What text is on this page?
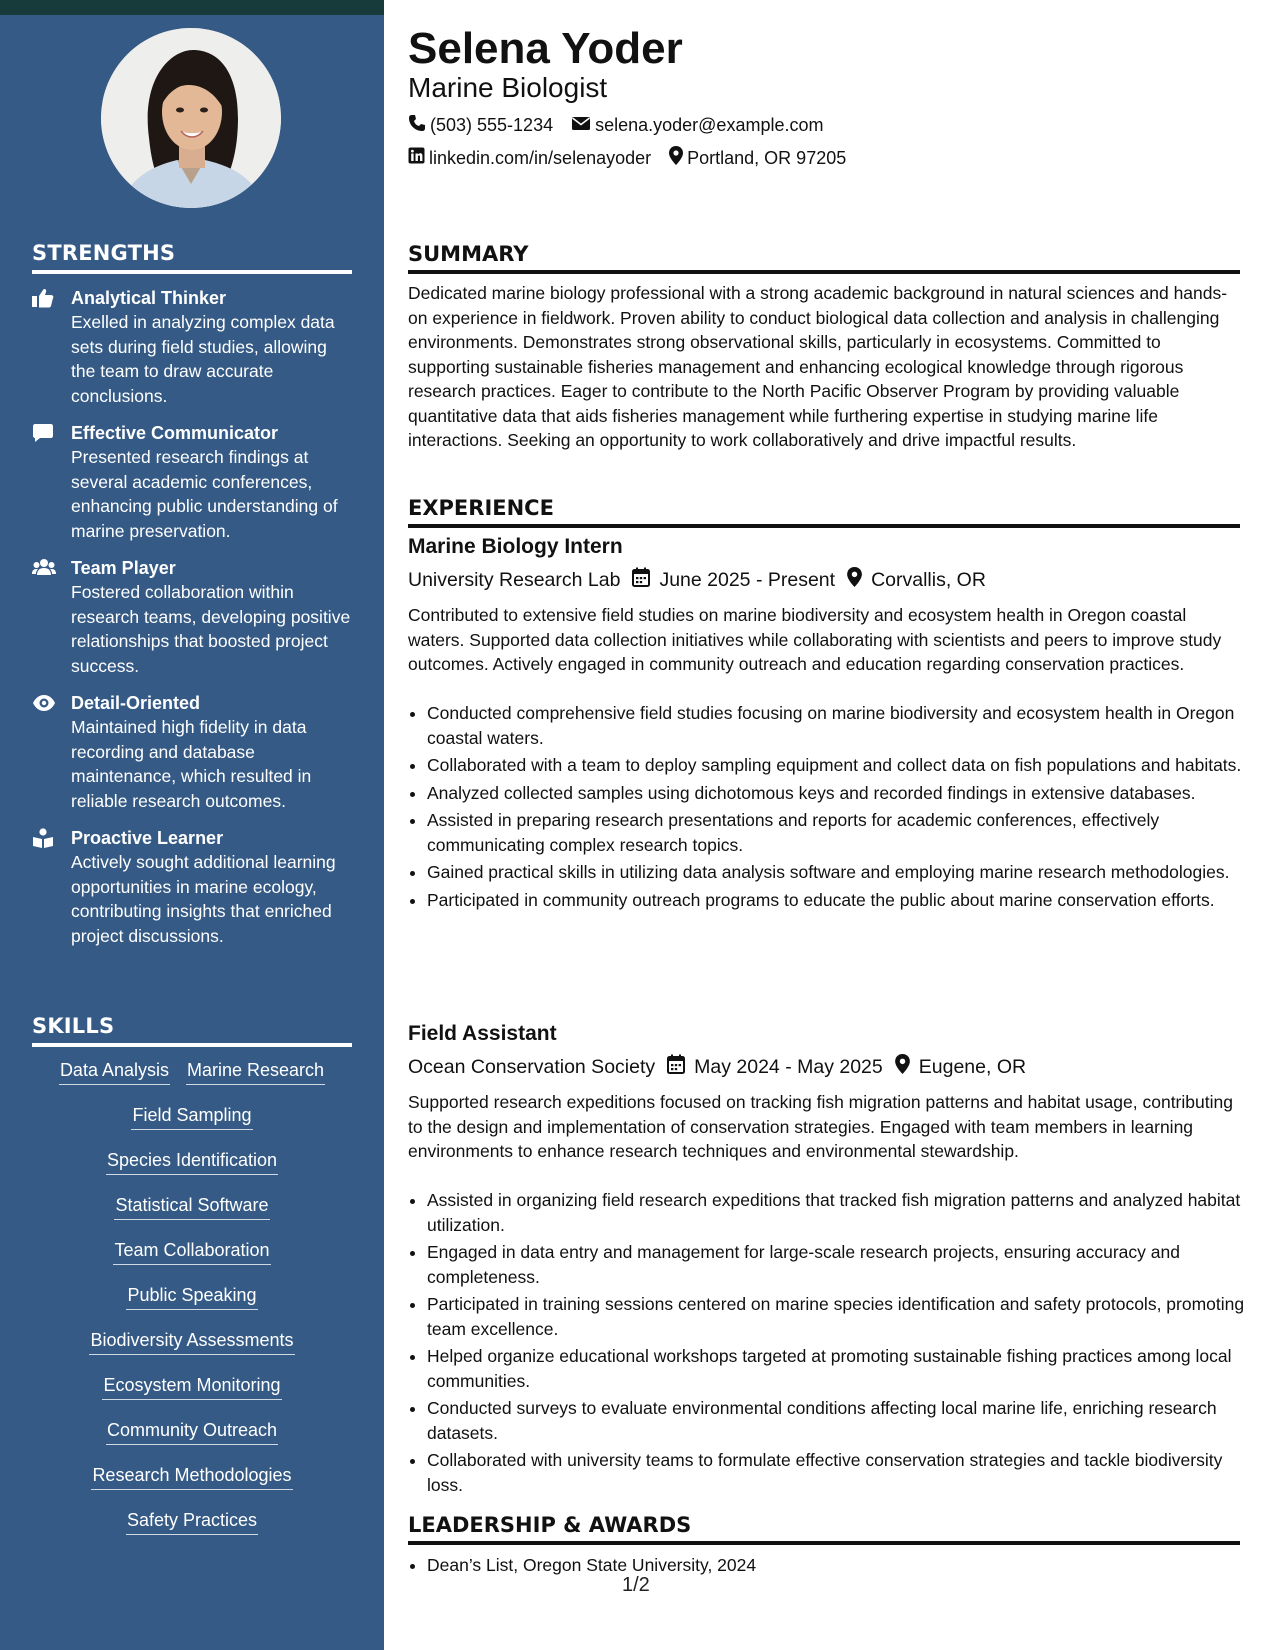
STRENGTHS
Analytical Thinker
Exelled in analyzing complex data sets during field studies, allowing the team to draw accurate conclusions.
Effective Communicator
Presented research findings at several academic conferences, enhancing public understanding of marine preservation.
Team Player
Fostered collaboration within research teams, developing positive relationships that boosted project success.
Detail-Oriented
Maintained high fidelity in data recording and database maintenance, which resulted in reliable research outcomes.
Proactive Learner
Actively sought additional learning opportunities in marine ecology, contributing insights that enriched project discussions.
SKILLS
Data Analysis Marine Research
Field Sampling
Species Identification
Statistical Software
Team Collaboration
Public Speaking
Biodiversity Assessments
Ecosystem Monitoring
Community Outreach
Research Methodologies
Safety Practices
Selena Yoder
Marine Biologist
(503) 555-1234 selena.yoder@example.com
linkedin.com/in/selenayoder Portland, OR 97205
SUMMARY
Dedicated marine biology professional with a strong academic background in natural sciences and hands-on experience in fieldwork. Proven ability to conduct biological data collection and analysis in challenging environments. Demonstrates strong observational skills, particularly in ecosystems. Committed to supporting sustainable fisheries management and enhancing ecological knowledge through rigorous research practices. Eager to contribute to the North Pacific Observer Program by providing valuable quantitative data that aids fisheries management while furthering expertise in studying marine life interactions. Seeking an opportunity to work collaboratively and drive impactful results.
EXPERIENCE
Marine Biology Intern
University Research Lab June 2025 - Present Corvallis, OR
Contributed to extensive field studies on marine biodiversity and ecosystem health in Oregon coastal waters. Supported data collection initiatives while collaborating with scientists and peers to improve study outcomes. Actively engaged in community outreach and education regarding conservation practices.
• Conducted comprehensive field studies focusing on marine biodiversity and ecosystem health in Oregon coastal waters.
• Collaborated with a team to deploy sampling equipment and collect data on fish populations and habitats.
• Analyzed collected samples using dichotomous keys and recorded findings in extensive databases.
• Assisted in preparing research presentations and reports for academic conferences, effectively communicating complex research topics.
• Gained practical skills in utilizing data analysis software and employing marine research methodologies.
• Participated in community outreach programs to educate the public about marine conservation efforts.
Field Assistant
Ocean Conservation Society May 2024 - May 2025 Eugene, OR
Supported research expeditions focused on tracking fish migration patterns and habitat usage, contributing to the design and implementation of conservation strategies. Engaged with team members in learning environments to enhance research techniques and environmental stewardship.
• Assisted in organizing field research expeditions that tracked fish migration patterns and analyzed habitat utilization.
• Engaged in data entry and management for large-scale research projects, ensuring accuracy and completeness.
• Participated in training sessions centered on marine species identification and safety protocols, promoting team excellence.
• Helped organize educational workshops targeted at promoting sustainable fishing practices among local communities.
• Conducted surveys to evaluate environmental conditions affecting local marine life, enriching research datasets.
• Collaborated with university teams to formulate effective conservation strategies and tackle biodiversity loss.
LEADERSHIP & AWARDS
• Dean’s List, Oregon State University, 2024
1/2
